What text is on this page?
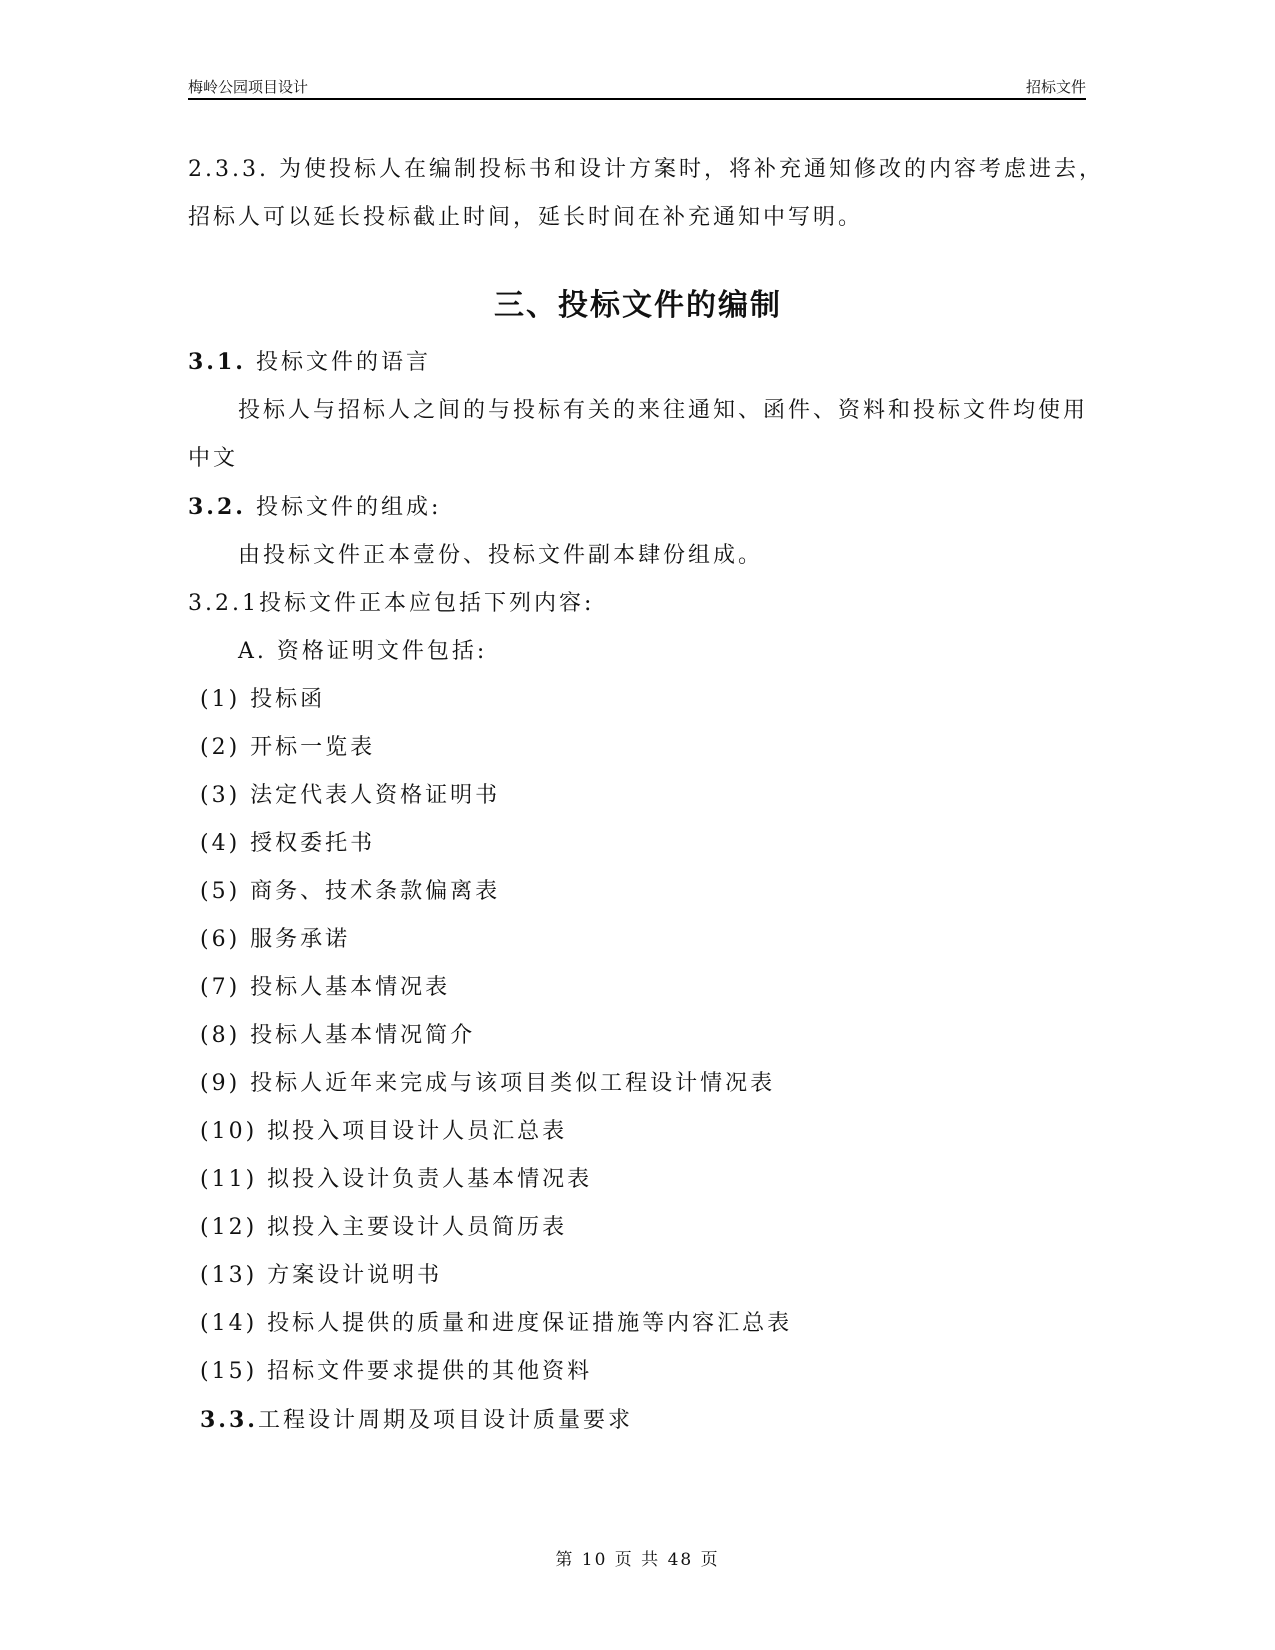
梅岭公园项目设计	招标文件

2.3.3. 为使投标人在编制投标书和设计方案时，将补充通知修改的内容考虑进去，

招标人可以延长投标截止时间，延长时间在补充通知中写明。

三、投标文件的编制

3.1. 投标文件的语言

投标人与招标人之间的与投标有关的来往通知、函件、资料和投标文件均使用

中文

3.2. 投标文件的组成:

由投标文件正本壹份、投标文件副本肆份组成。

3.2.1投标文件正本应包括下列内容:

A. 资格证明文件包括:

(1) 投标函

(2) 开标一览表

(3) 法定代表人资格证明书

(4) 授权委托书

(5) 商务、技术条款偏离表

(6) 服务承诺

(7) 投标人基本情况表

(8) 投标人基本情况简介

(9) 投标人近年来完成与该项目类似工程设计情况表

(10) 拟投入项目设计人员汇总表

(11) 拟投入设计负责人基本情况表

(12) 拟投入主要设计人员简历表

(13) 方案设计说明书

(14) 投标人提供的质量和进度保证措施等内容汇总表

(15) 招标文件要求提供的其他资料

3.3.工程设计周期及项目设计质量要求

第 10 页 共 48 页
